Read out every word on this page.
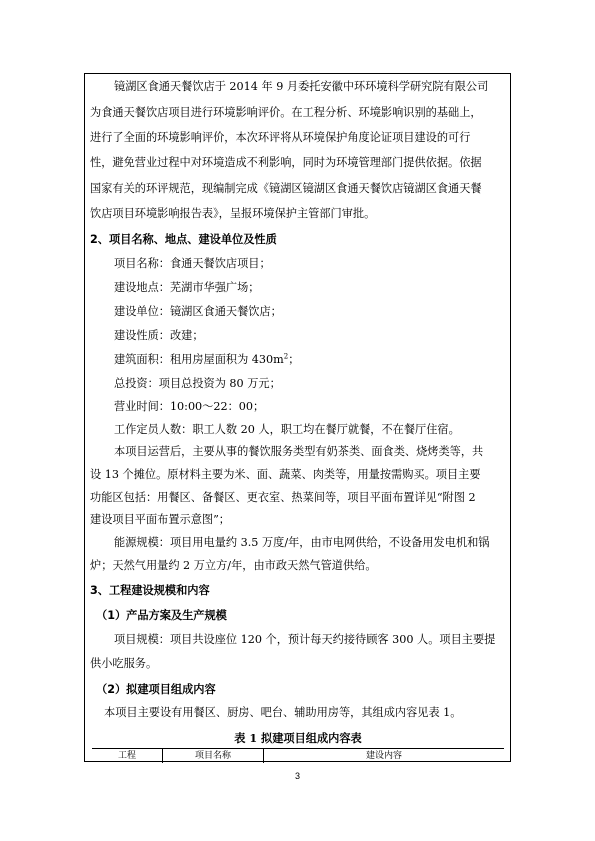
镜湖区食通天餐饮店于 2014 年 9 月委托安徽中环环境科学研究院有限公司
为食通天餐饮店项目进行环境影响评价。在工程分析、环境影响识别的基础上，
进行了全面的环境影响评价，本次环评将从环境保护角度论证项目建设的可行
性，避免营业过程中对环境造成不利影响，同时为环境管理部门提供依据。依据
国家有关的环评规范，现编制完成《镜湖区镜湖区食通天餐饮店镜湖区食通天餐
饮店项目环境影响报告表》，呈报环境保护主管部门审批。
2、项目名称、地点、建设单位及性质
项目名称：食通天餐饮店项目；
建设地点：芜湖市华强广场；
建设单位：镜湖区食通天餐饮店；
建设性质：改建；
建筑面积：租用房屋面积为 $430m^2$；
总投资：项目总投资为 80 万元；
营业时间：10:00～22：00；
工作定员人数：职工人数 20 人，职工均在餐厅就餐，不在餐厅住宿。
本项目运营后，主要从事的餐饮服务类型有奶茶类、面食类、烧烤类等，共
设 13 个摊位。原材料主要为米、面、蔬菜、肉类等，用量按需购买。项目主要
功能区包括：用餐区、备餐区、更衣室、热菜间等，项目平面布置详见“附图 2
建设项目平面布置示意图”；
能源规模：项目用电量约 3.5 万度/年，由市电网供给，不设备用发电机和锅
炉；天然气用量约 2 万立方/年，由市政天然气管道供给。
3、工程建设规模和内容
（1）产品方案及生产规模
项目规模：项目共设座位 120 个，预计每天约接待顾客 300 人。项目主要提
供小吃服务。
（2）拟建项目组成内容
本项目主要设有用餐区、厨房、吧台、辅助用房等，其组成内容见表 1。
表 1 拟建项目组成内容表
工程	项目名称	建设内容
3
